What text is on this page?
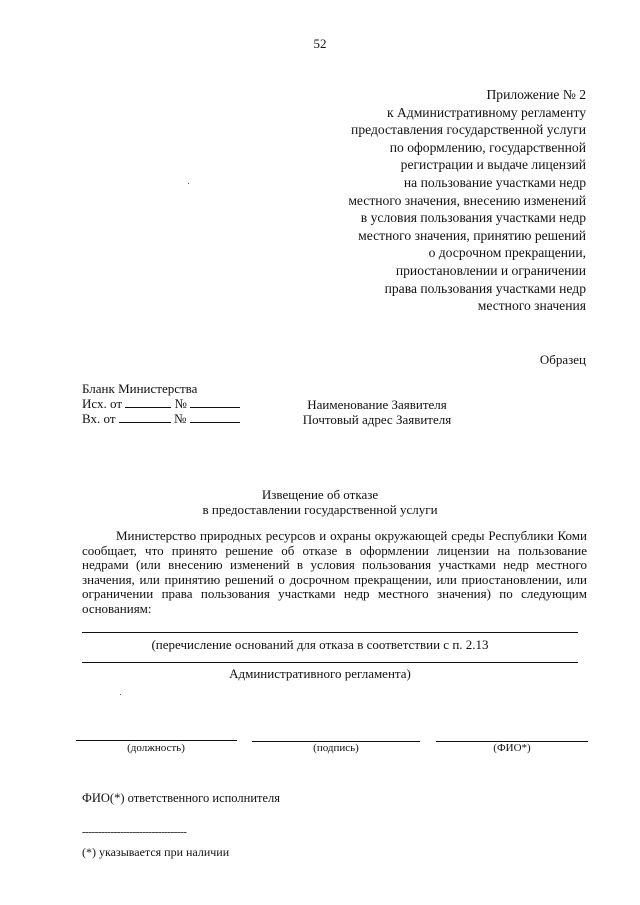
52
Приложение № 2
к Административному регламенту
предоставления государственной услуги
по оформлению, государственной
регистрации и выдаче лицензий
на пользование участками недр
местного значения, внесению изменений
в условия пользования участками недр
местного значения, принятию решений
о досрочном прекращении,
приостановлении и ограничении
права пользования участками недр
местного значения
Образец
Бланк Министерства
Исх. от	№
Вх. от	№
Наименование Заявителя
Почтовый адрес Заявителя
Извещение об отказе
в предоставлении государственной услуги
Министерство природных ресурсов и охраны окружающей среды Республики Коми сообщает, что принято решение об отказе в оформлении лицензии на пользование недрами (или внесению изменений в условия пользования участками недр местного значения, или принятию решений о досрочном прекращении, или приостановлении, или ограничении права пользования участками недр местного значения) по следующим основаниям:
(перечисление оснований для отказа в соответствии с п. 2.13
Административного регламента)
(должность)	(подпись)	(ФИО*)
ФИО(*) ответственного исполнителя
---------------------------------
(*) указывается при наличии
